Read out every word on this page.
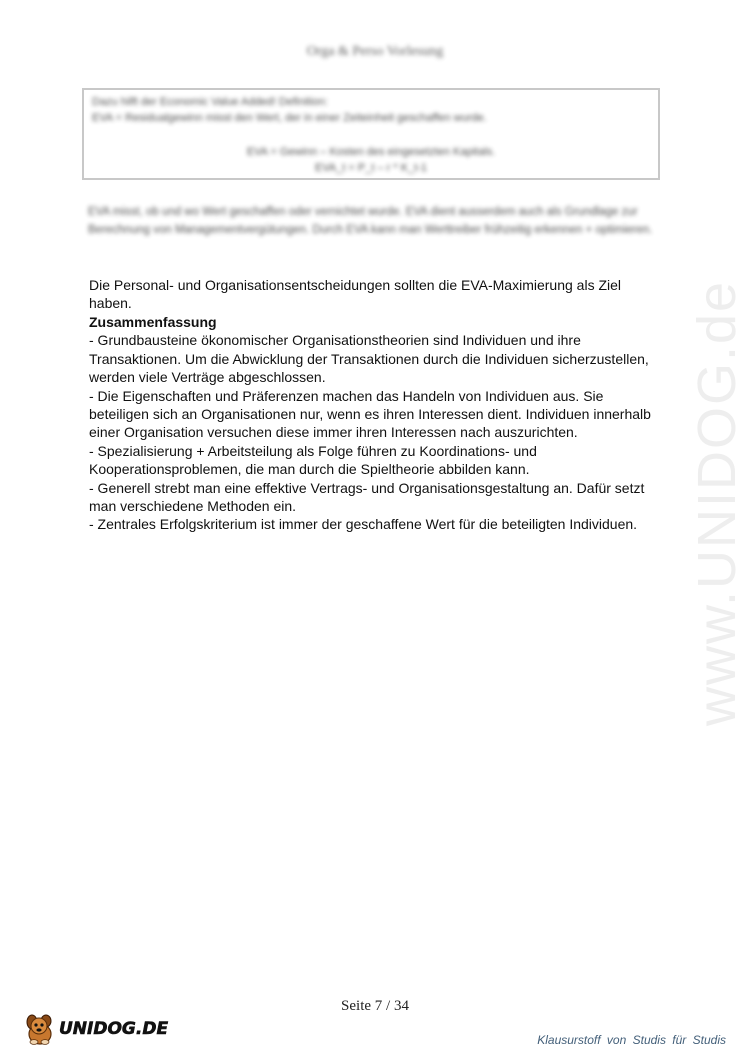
Orga & Perso Vorlesung
Dazu hilft der Economic Value Added! Definition:
EVA = Residualgewinn misst den Wert, der in einer Zeiteinheit geschaffen wurde.
EVA = Gewinn – Kosten des eingesetzten Kapitals.
EVA_t = P_t – r * K_t-1
EVA misst, ob und wo Wert geschaffen oder vernichtet wurde. EVA dient ausserdem auch als Grundlage zur Berechnung von Managementvergütungen. Durch EVA kann man Werttreiber frühzeitig erkennen + optimieren.
Die Personal- und Organisationsentscheidungen sollten die EVA-Maximierung als Ziel haben.
Zusammenfassung
- Grundbausteine ökonomischer Organisationstheorien sind Individuen und ihre Transaktionen. Um die Abwicklung der Transaktionen durch die Individuen sicherzustellen, werden viele Verträge abgeschlossen.
- Die Eigenschaften und Präferenzen machen das Handeln von Individuen aus. Sie beteiligen sich an Organisationen nur, wenn es ihren Interessen dient. Individuen innerhalb einer Organisation versuchen diese immer ihren Interessen nach auszurichten.
- Spezialisierung + Arbeitsteilung als Folge führen zu Koordinations- und Kooperationsproblemen, die man durch die Spieltheorie abbilden kann.
- Generell strebt man eine effektive Vertrags- und Organisationsgestaltung an. Dafür setzt man verschiedene Methoden ein.
- Zentrales Erfolgskriterium ist immer der geschaffene Wert für die beteiligten Individuen. www.UNIDOG.de
Seite 7 / 34
UNIDOG.DE
Klausurstoff von Studis für Studis
